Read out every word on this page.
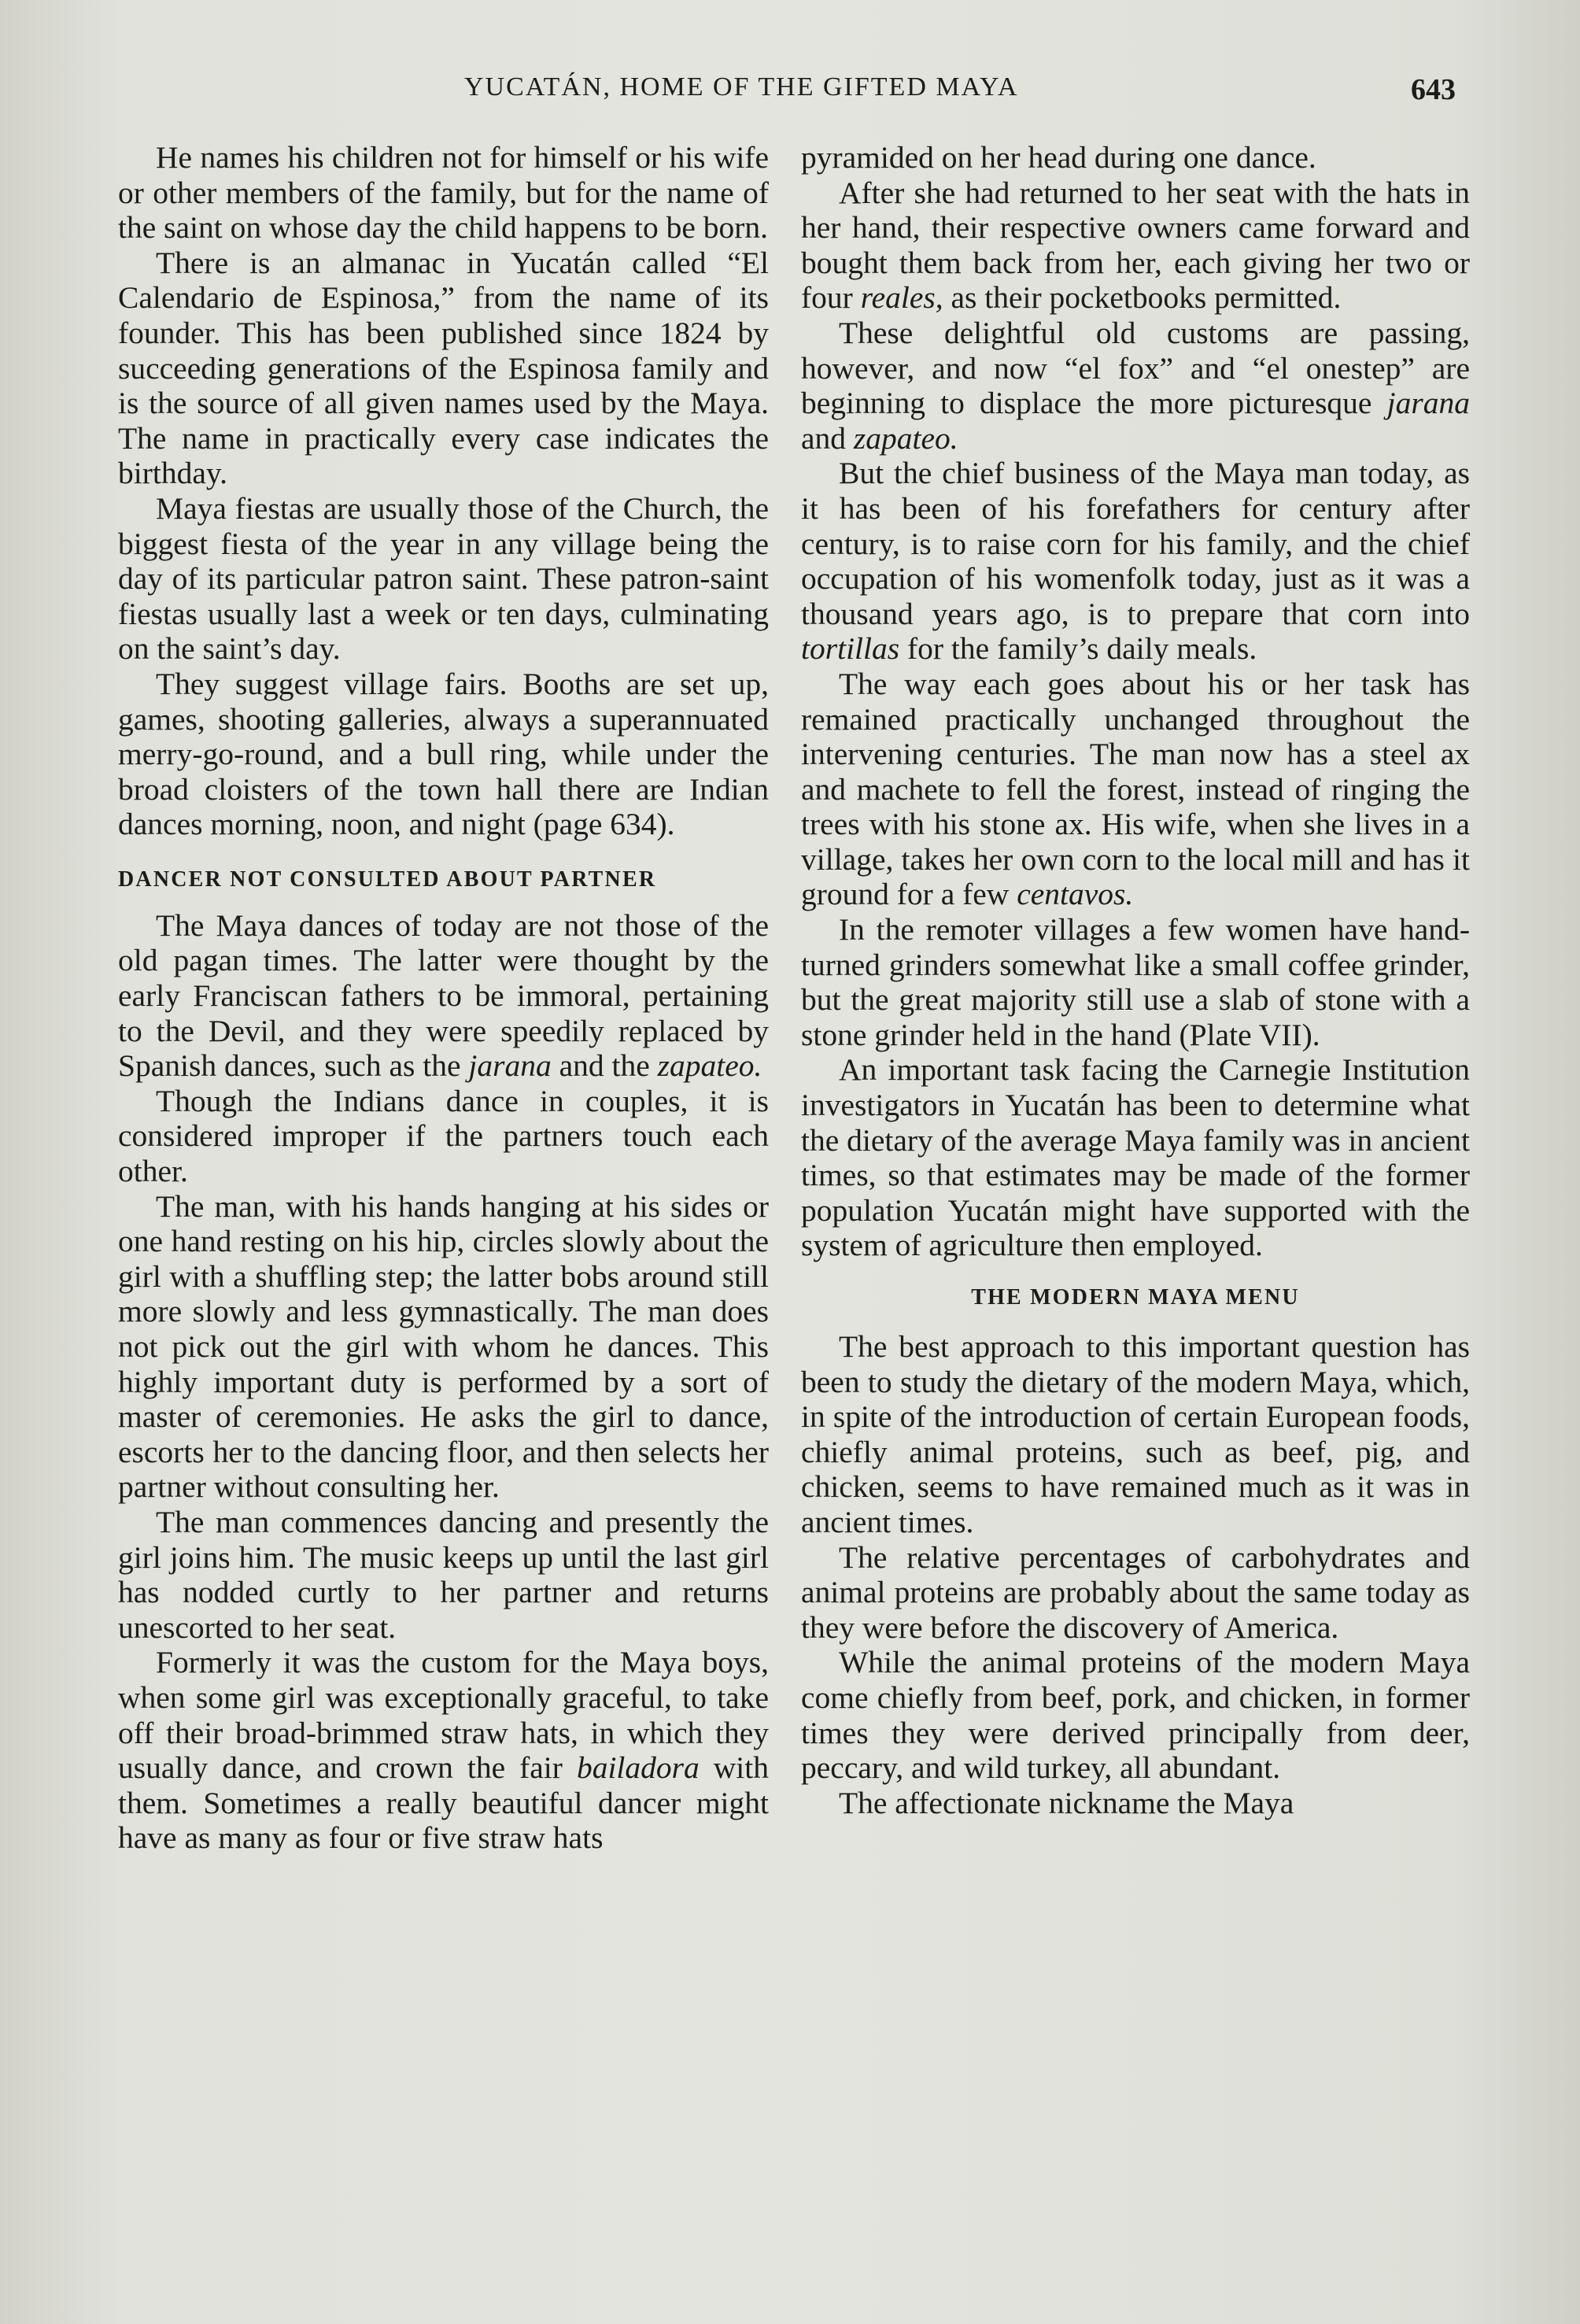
YUCATÁN, HOME OF THE GIFTED MAYA	643

He names his children not for himself or his wife or other members of the family, but for the name of the saint on whose day the child happens to be born.

There is an almanac in Yucatán called “El Calendario de Espinosa,” from the name of its founder. This has been published since 1824 by succeeding generations of the Espinosa family and is the source of all given names used by the Maya. The name in practically every case indicates the birthday.

Maya fiestas are usually those of the Church, the biggest fiesta of the year in any village being the day of its particular patron saint. These patron-saint fiestas usually last a week or ten days, culminating on the saint’s day.

They suggest village fairs. Booths are set up, games, shooting galleries, always a superannuated merry-go-round, and a bull ring, while under the broad cloisters of the town hall there are Indian dances morning, noon, and night (page 634).

DANCER NOT CONSULTED ABOUT PARTNER

The Maya dances of today are not those of the old pagan times. The latter were thought by the early Franciscan fathers to be immoral, pertaining to the Devil, and they were speedily replaced by Spanish dances, such as the jarana and the zapateo.

Though the Indians dance in couples, it is considered improper if the partners touch each other.

The man, with his hands hanging at his sides or one hand resting on his hip, circles slowly about the girl with a shuffling step; the latter bobs around still more slowly and less gymnastically. The man does not pick out the girl with whom he dances. This highly important duty is performed by a sort of master of ceremonies. He asks the girl to dance, escorts her to the dancing floor, and then selects her partner without consulting her.

The man commences dancing and presently the girl joins him. The music keeps up until the last girl has nodded curtly to her partner and returns unescorted to her seat.

Formerly it was the custom for the Maya boys, when some girl was exceptionally graceful, to take off their broad-brimmed straw hats, in which they usually dance, and crown the fair bailadora with them. Sometimes a really beautiful dancer might have as many as four or five straw hats

pyramided on her head during one dance.

After she had returned to her seat with the hats in her hand, their respective owners came forward and bought them back from her, each giving her two or four reales, as their pocketbooks permitted.

These delightful old customs are passing, however, and now “el fox” and “el onestep” are beginning to displace the more picturesque jarana and zapateo.

But the chief business of the Maya man today, as it has been of his forefathers for century after century, is to raise corn for his family, and the chief occupation of his womenfolk today, just as it was a thousand years ago, is to prepare that corn into tortillas for the family’s daily meals.

The way each goes about his or her task has remained practically unchanged throughout the intervening centuries. The man now has a steel ax and machete to fell the forest, instead of ringing the trees with his stone ax. His wife, when she lives in a village, takes her own corn to the local mill and has it ground for a few centavos.

In the remoter villages a few women have hand-turned grinders somewhat like a small coffee grinder, but the great majority still use a slab of stone with a stone grinder held in the hand (Plate VII).

An important task facing the Carnegie Institution investigators in Yucatán has been to determine what the dietary of the average Maya family was in ancient times, so that estimates may be made of the former population Yucatán might have supported with the system of agriculture then employed.

THE MODERN MAYA MENU

The best approach to this important question has been to study the dietary of the modern Maya, which, in spite of the introduction of certain European foods, chiefly animal proteins, such as beef, pig, and chicken, seems to have remained much as it was in ancient times.

The relative percentages of carbohydrates and animal proteins are probably about the same today as they were before the discovery of America.

While the animal proteins of the modern Maya come chiefly from beef, pork, and chicken, in former times they were derived principally from deer, peccary, and wild turkey, all abundant.

The affectionate nickname the Maya
